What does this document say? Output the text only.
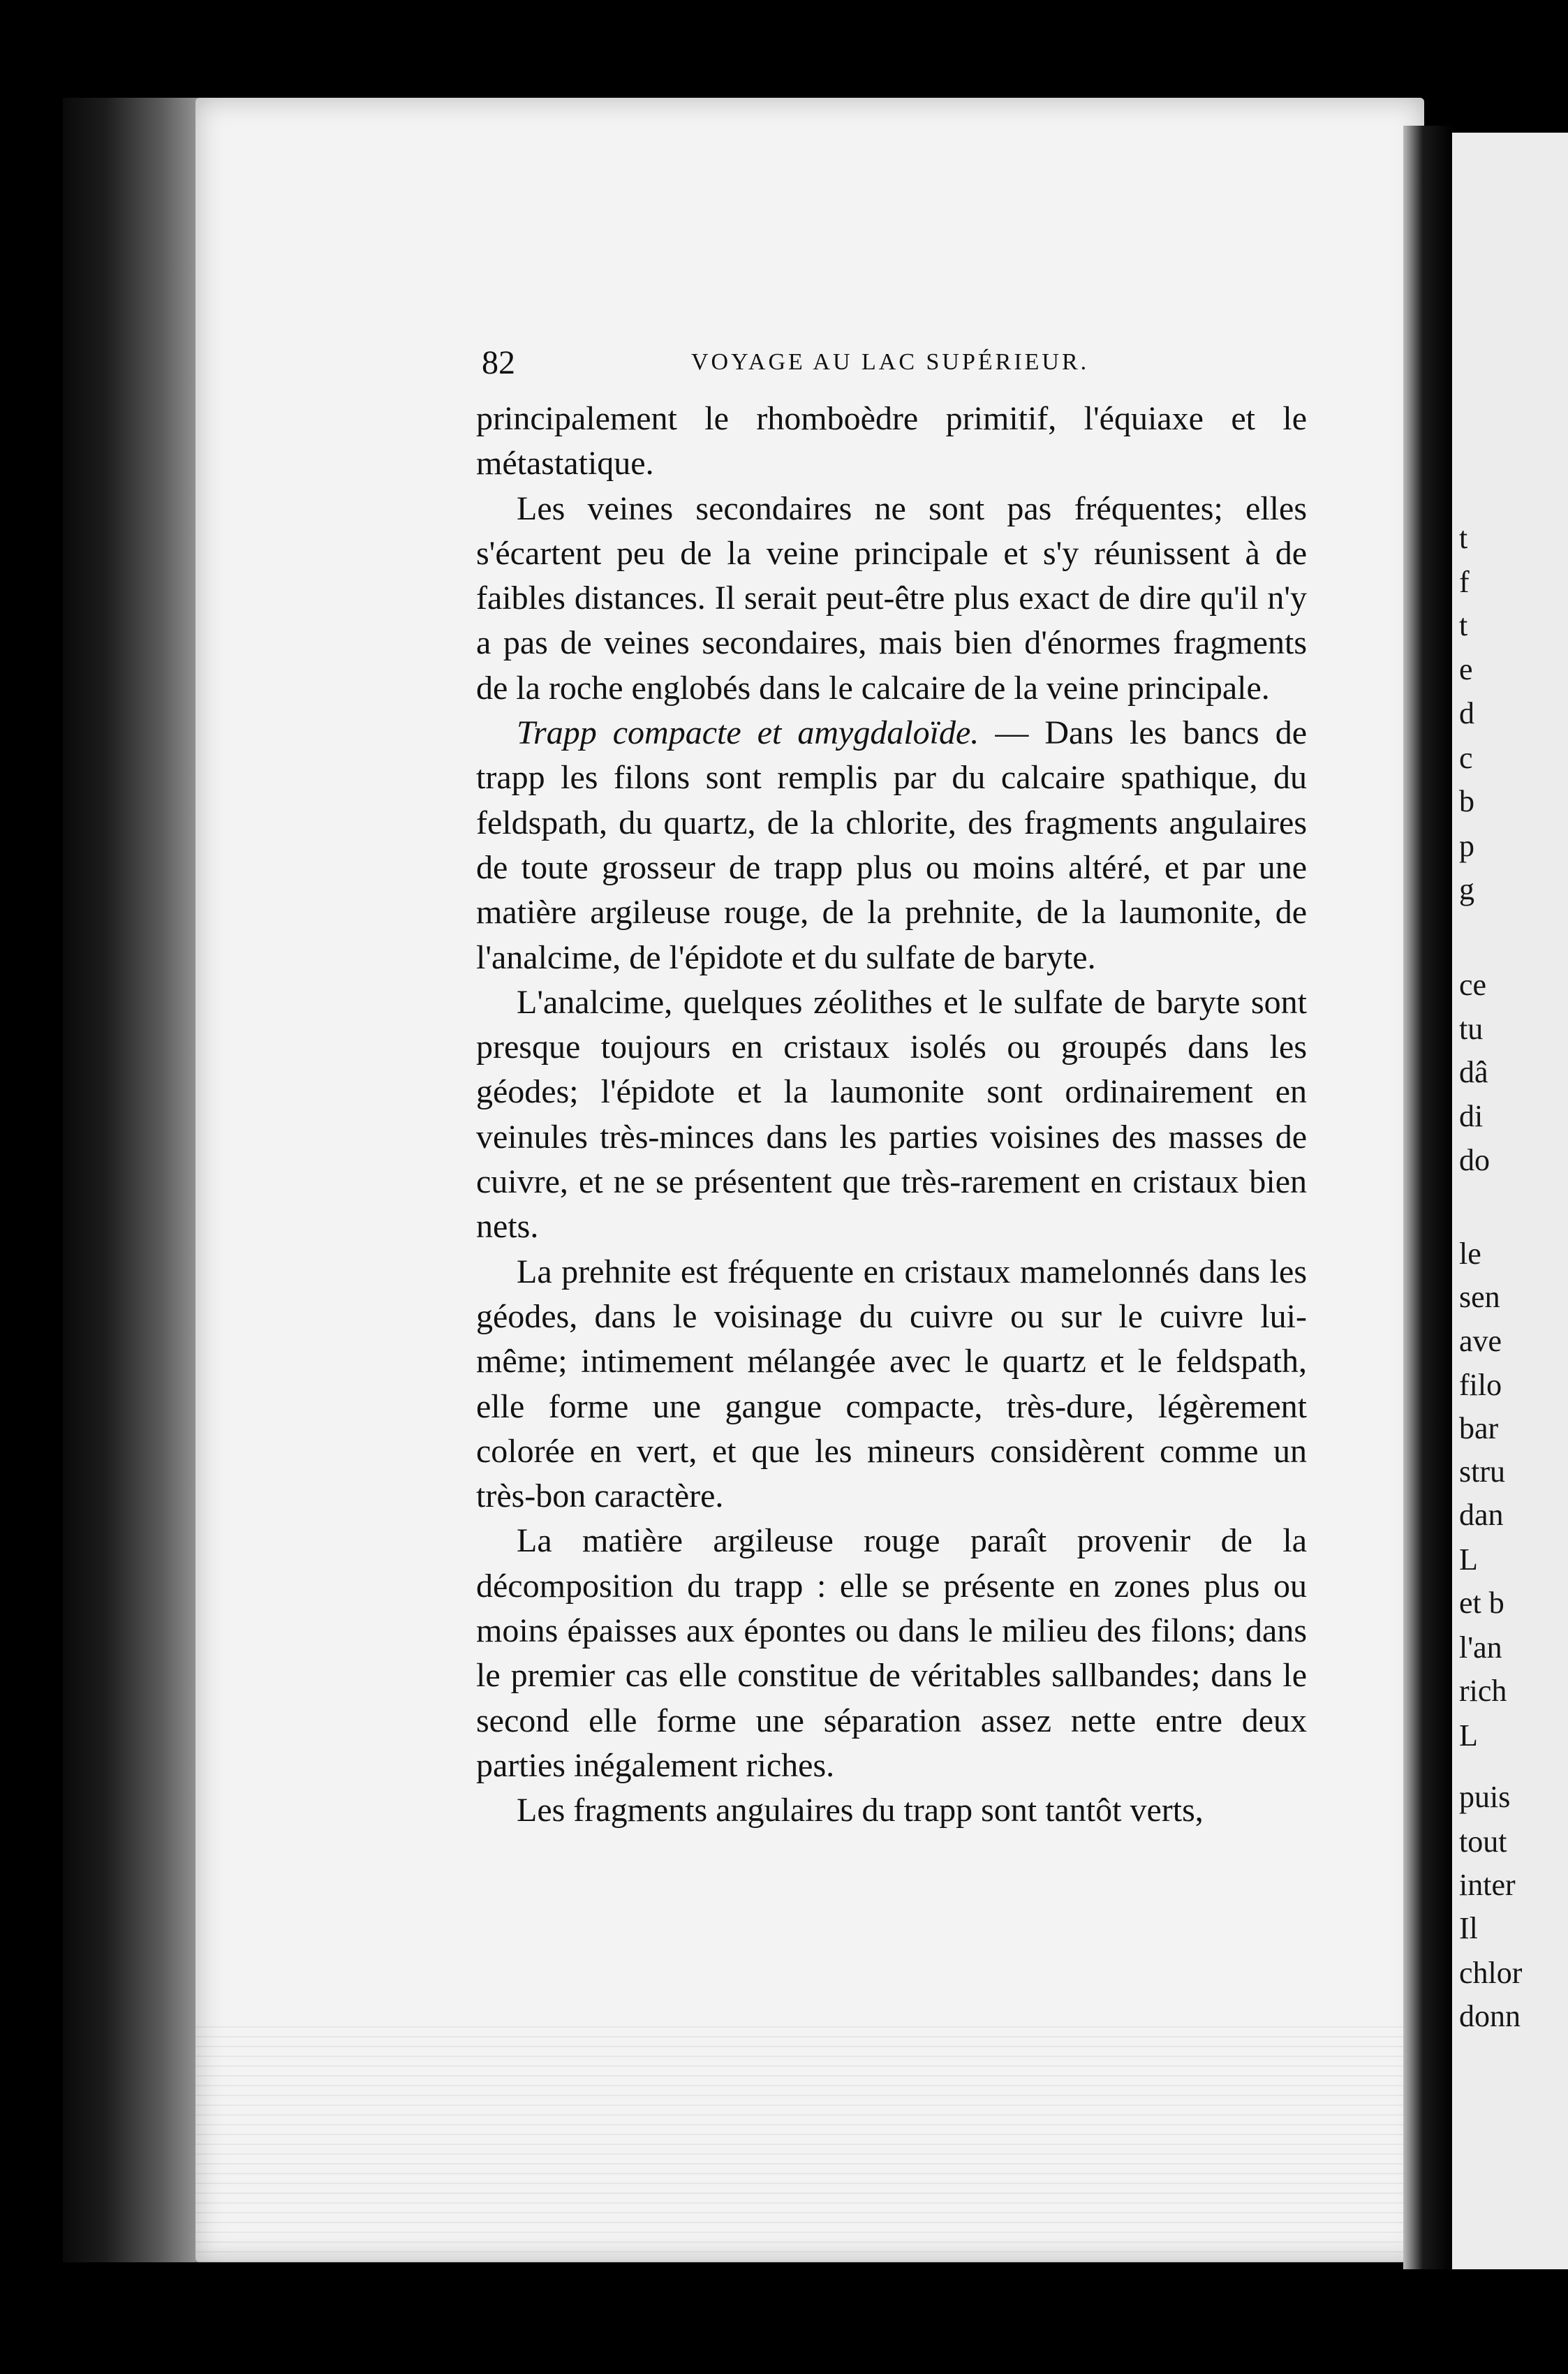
t
f
t
e
d
c
b
p
g
ce
tu
dâ
di
do
le
sen
ave
filo
bar
stru
dan
L
et b
l'an
rich
L
puis
tout
inter
Il
chlor
donn
82	VOYAGE AU LAC SUPÉRIEUR.

principalement le rhomboèdre primitif, l'équiaxe et le métastatique.

Les veines secondaires ne sont pas fréquentes; elles s'écartent peu de la veine principale et s'y réunissent à de faibles distances. Il serait peut-être plus exact de dire qu'il n'y a pas de veines secondaires, mais bien d'énormes fragments de la roche englobés dans le calcaire de la veine principale.

Trapp compacte et amygdaloïde. — Dans les bancs de trapp les filons sont remplis par du calcaire spathique, du feldspath, du quartz, de la chlorite, des fragments angulaires de toute grosseur de trapp plus ou moins altéré, et par une matière argileuse rouge, de la prehnite, de la laumonite, de l'analcime, de l'épidote et du sulfate de baryte.

L'analcime, quelques zéolithes et le sulfate de baryte sont presque toujours en cristaux isolés ou groupés dans les géodes; l'épidote et la laumonite sont ordinairement en veinules très-minces dans les parties voisines des masses de cuivre, et ne se présentent que très-rarement en cristaux bien nets.

La prehnite est fréquente en cristaux mamelonnés dans les géodes, dans le voisinage du cuivre ou sur le cuivre lui-même; intimement mélangée avec le quartz et le feldspath, elle forme une gangue compacte, très-dure, légèrement colorée en vert, et que les mineurs considèrent comme un très-bon caractère.

La matière argileuse rouge paraît provenir de la décomposition du trapp : elle se présente en zones plus ou moins épaisses aux épontes ou dans le milieu des filons; dans le premier cas elle constitue de véritables sallbandes; dans le second elle forme une séparation assez nette entre deux parties inégalement riches.

Les fragments angulaires du trapp sont tantôt verts,
